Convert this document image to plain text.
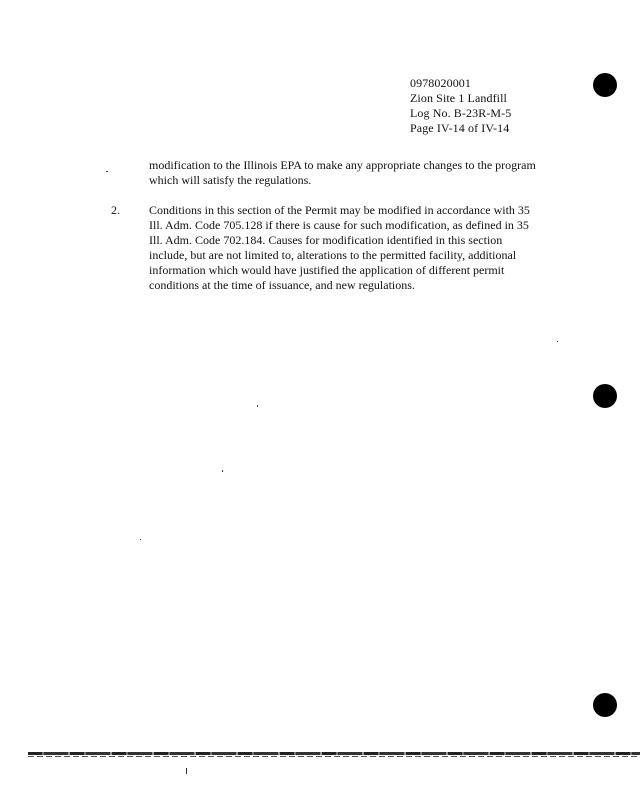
0978020001
Zion Site 1 Landfill
Log No. B-23R-M-5
Page IV-14 of IV-14
modification to the Illinois EPA to make any appropriate changes to the program
which will satisfy the regulations.
2. Conditions in this section of the Permit may be modified in accordance with 35
Ill. Adm. Code 705.128 if there is cause for such modification, as defined in 35
Ill. Adm. Code 702.184. Causes for modification identified in this section
include, but are not limited to, alterations to the permitted facility, additional
information which would have justified the application of different permit
conditions at the time of issuance, and new regulations.
